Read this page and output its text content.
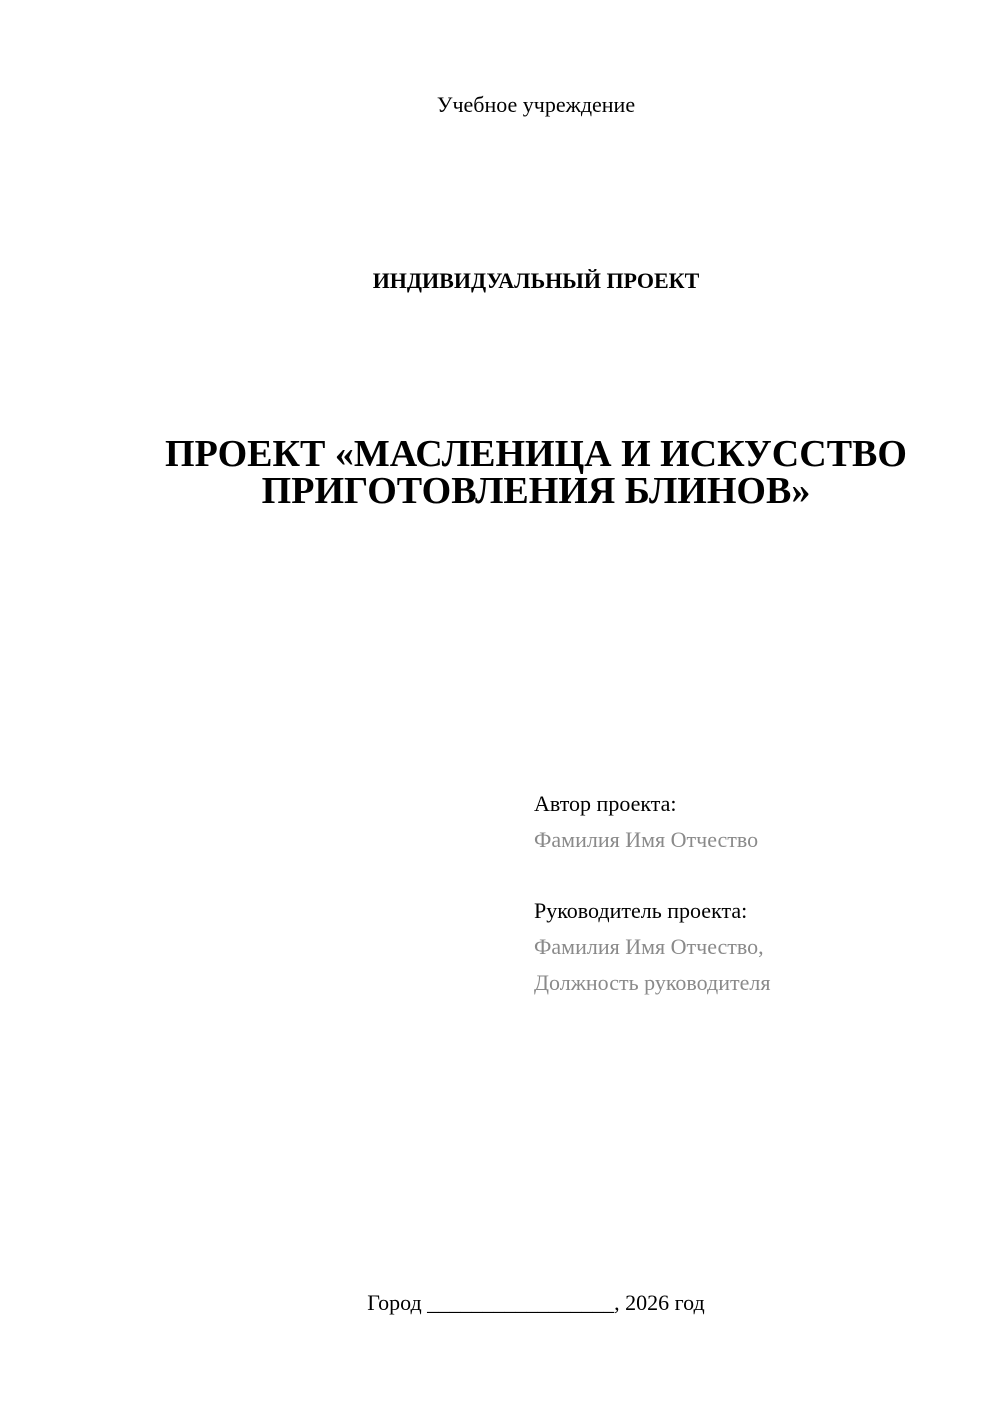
Учебное учреждение
ИНДИВИДУАЛЬНЫЙ ПРОЕКТ
ПРОЕКТ «МАСЛЕНИЦА И ИСКУССТВО
ПРИГОТОВЛЕНИЯ БЛИНОВ»
Автор проекта:
Фамилия Имя Отчество
Руководитель проекта:
Фамилия Имя Отчество,
Должность руководителя
Город _________________, 2026 год
